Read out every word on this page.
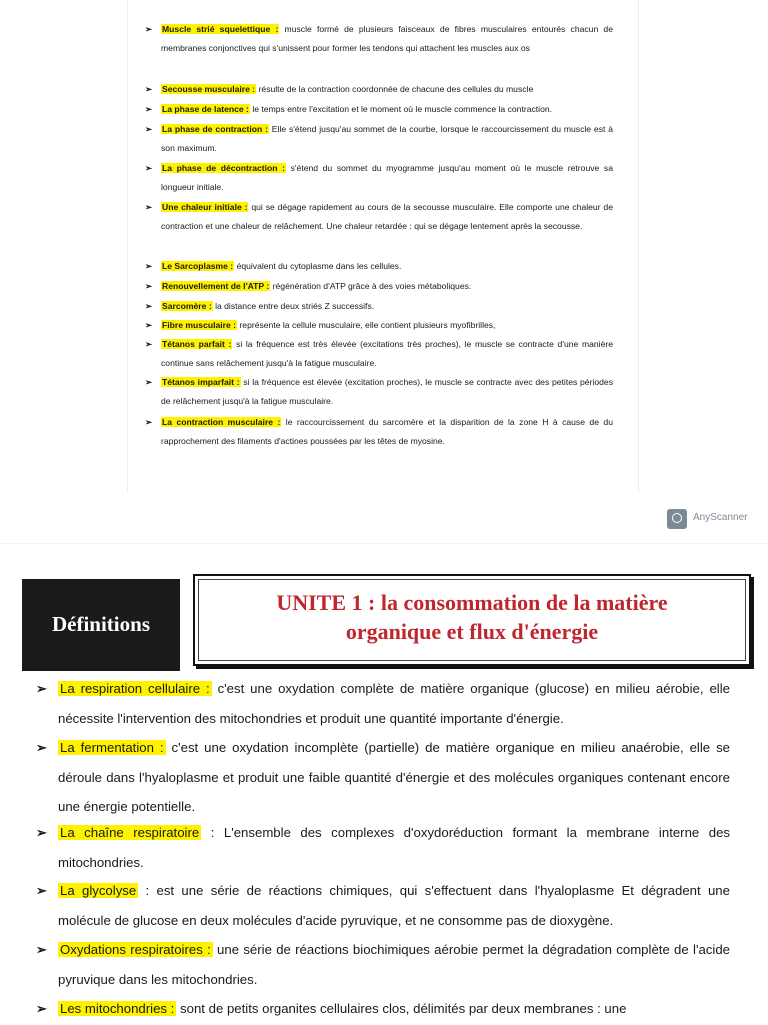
➢ Muscle strié squelettique : muscle formé de plusieurs faisceaux de fibres musculaires entourés chacun de membranes conjonctives qui s'unissent pour former les tendons qui attachent les muscles aux os
➢ Secousse musculaire : résulte de la contraction coordonnée de chacune des cellules du muscle
➢ La phase de latence : le temps entre l'excitation et le moment où le muscle commence la contraction.
➢ La phase de contraction : Elle s'étend jusqu'au sommet de la courbe, lorsque le raccourcissement du muscle est à son maximum.
➢ La phase de décontraction : s'étend du sommet du myogramme jusqu'au moment où le muscle retrouve sa longueur initiale.
➢ Une chaleur initiale : qui se dégage rapidement au cours de la secousse musculaire. Elle comporte une chaleur de contraction et une chaleur de relâchement. Une chaleur retardée : qui se dégage lentement après la secousse.
➢ Le Sarcoplasme : équivalent du cytoplasme dans les cellules.
➢ Renouvellement de l'ATP : régénération d'ATP grâce à des voies métaboliques.
➢ Sarcomère : la distance entre deux striés Z successifs.
➢ Fibre musculaire : représente la cellule musculaire, elle contient plusieurs myofibrilles,
➢ Tétanos parfait : si la fréquence est très élevée (excitations très proches), le muscle se contracte d'une manière continue sans relâchement jusqu'à la fatigue musculaire.
➢ Tétanos imparfait : si la fréquence est élevée (excitation proches), le muscle se contracte avec des petites périodes de relâchement jusqu'à la fatigue musculaire.
➢ La contraction musculaire : le raccourcissement du sarcomère et la disparition de la zone H à cause de du rapprochement des filaments d'actines poussées par les têtes de myosine.
AnyScanner
Définitions
UNITE 1 : la consommation de la matière
organique et flux d'énergie
➢ La respiration cellulaire : c'est une oxydation complète de matière organique (glucose) en milieu aérobie, elle nécessite l'intervention des mitochondries et produit une quantité importante d'énergie.
➢ La fermentation : c'est une oxydation incomplète (partielle) de matière organique en milieu anaérobie, elle se déroule dans l'hyaloplasme et produit une faible quantité d'énergie et des molécules organiques contenant encore une énergie potentielle.
➢ La chaîne respiratoire : L'ensemble des complexes d'oxydoréduction formant la membrane interne des mitochondries.
➢ La glycolyse : est une série de réactions chimiques, qui s'effectuent dans l'hyaloplasme Et dégradent une molécule de glucose en deux molécules d'acide pyruvique, et ne consomme pas de dioxygène.
➢ Oxydations respiratoires : une série de réactions biochimiques aérobie permet la dégradation complète de l'acide pyruvique dans les mitochondries.
➢ Les mitochondries : sont de petits organites cellulaires clos, délimités par deux membranes : une
